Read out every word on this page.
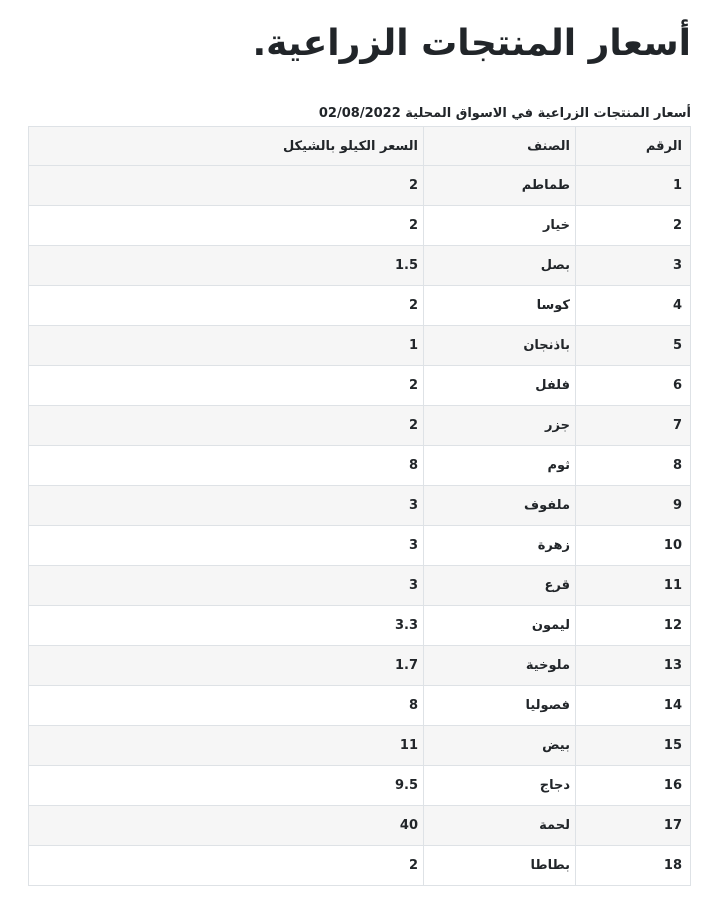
أسعار المنتجات الزراعية.
أسعار المنتجات الزراعية في الاسواق المحلية 02/08/2022
الرقم	الصنف	السعر الكيلو بالشيكل
1	طماطم	2
2	خيار	2
3	بصل	1.5
4	كوسا	2
5	باذنجان	1
6	فلفل	2
7	جزر	2
8	ثوم	8
9	ملفوف	3
10	زهرة	3
11	قرع	3
12	ليمون	3.3
13	ملوخية	1.7
14	فصوليا	8
15	بيض	11
16	دجاج	9.5
17	لحمة	40
18	بطاطا	2
